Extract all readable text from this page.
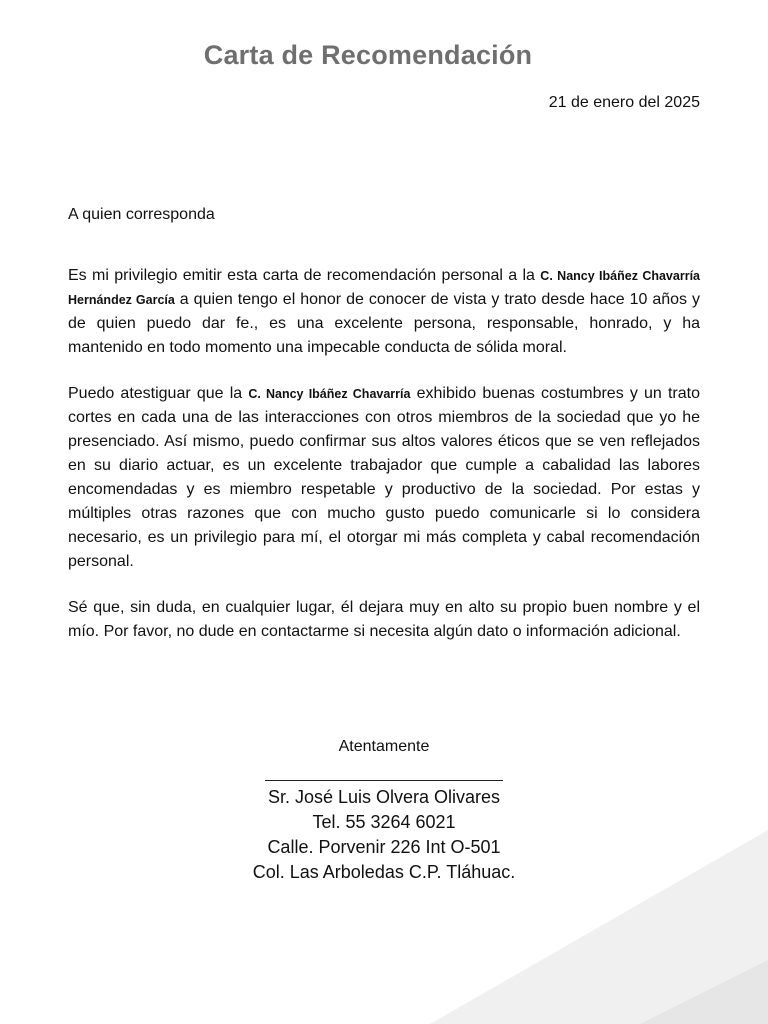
Carta de Recomendación
21 de enero del 2025
A quien corresponda
Es mi privilegio emitir esta carta de recomendación personal a la C. Nancy Ibáñez Chavarría Hernández García a quien tengo el honor de conocer de vista y trato desde hace 10 años y de quien puedo dar fe., es una excelente persona, responsable, honrado, y ha mantenido en todo momento una impecable conducta de sólida moral.
Puedo atestiguar que la C. Nancy Ibáñez Chavarría exhibido buenas costumbres y un trato cortes en cada una de las interacciones con otros miembros de la sociedad que yo he presenciado. Así mismo, puedo confirmar sus altos valores éticos que se ven reflejados en su diario actuar, es un excelente trabajador que cumple a cabalidad las labores encomendadas y es miembro respetable y productivo de la sociedad. Por estas y múltiples otras razones que con mucho gusto puedo comunicarle si lo considera necesario, es un privilegio para mí, el otorgar mi más completa y cabal recomendación personal.
Sé que, sin duda, en cualquier lugar, él dejara muy en alto su propio buen nombre y el mío. Por favor, no dude en contactarme si necesita algún dato o información adicional.
Atentamente
Sr. José Luis Olvera Olivares
Tel. 55 3264 6021
Calle. Porvenir 226 Int O-501
Col. Las Arboledas C.P. Tláhuac.
